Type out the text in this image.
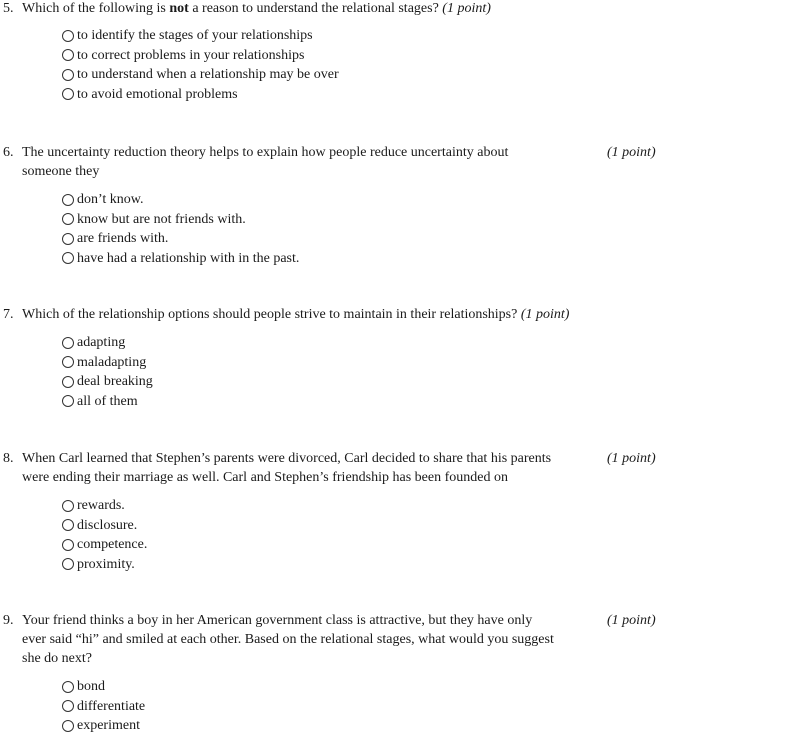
5. Which of the following is not a reason to understand the relational stages? (1 point)
to identify the stages of your relationships
to correct problems in your relationships
to understand when a relationship may be over
to avoid emotional problems
6. The uncertainty reduction theory helps to explain how people reduce uncertainty about
someone they
(1 point)
don’t know.
know but are not friends with.
are friends with.
have had a relationship with in the past.
7. Which of the relationship options should people strive to maintain in their relationships? (1 point)
adapting
maladapting
deal breaking
all of them
8. When Carl learned that Stephen’s parents were divorced, Carl decided to share that his parents
were ending their marriage as well. Carl and Stephen’s friendship has been founded on
(1 point)
rewards.
disclosure.
competence.
proximity.
9. Your friend thinks a boy in her American government class is attractive, but they have only
ever said “hi” and smiled at each other. Based on the relational stages, what would you suggest
she do next?
(1 point)
bond
differentiate
experiment
